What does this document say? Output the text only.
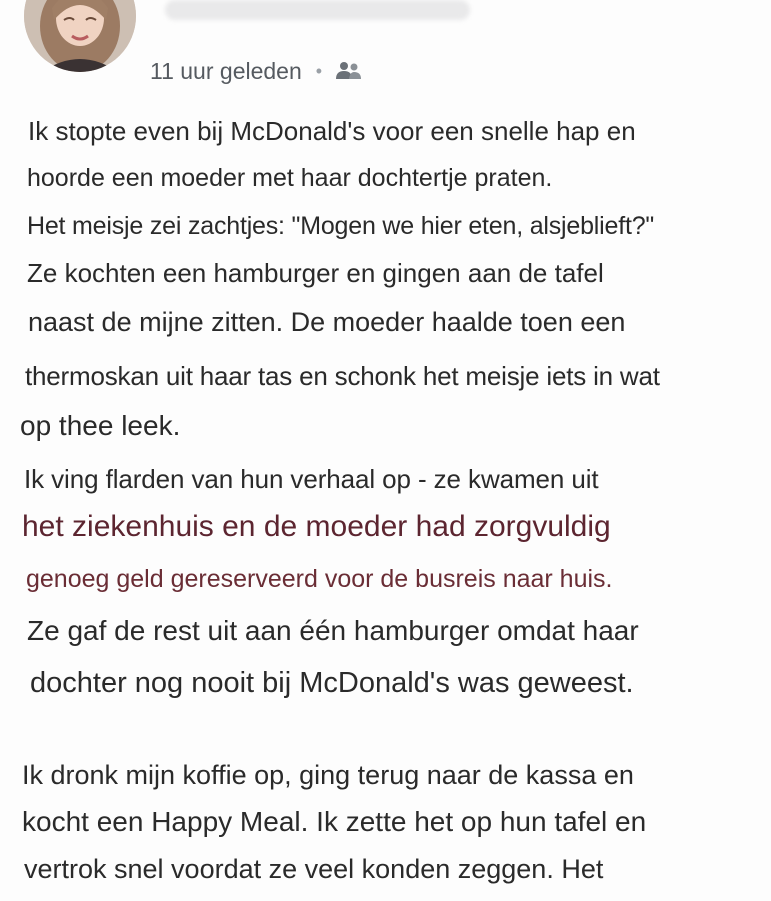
11 uur geleden •
Ik stopte even bij McDonald's voor een snelle hap en
hoorde een moeder met haar dochtertje praten.
Het meisje zei zachtjes: "Mogen we hier eten, alsjeblieft?"
Ze kochten een hamburger en gingen aan de tafel
naast de mijne zitten. De moeder haalde toen een
thermoskan uit haar tas en schonk het meisje iets in wat
op thee leek.
Ik ving flarden van hun verhaal op - ze kwamen uit
het ziekenhuis en de moeder had zorgvuldig
genoeg geld gereserveerd voor de busreis naar huis.
Ze gaf de rest uit aan één hamburger omdat haar
dochter nog nooit bij McDonald's was geweest.
Ik dronk mijn koffie op, ging terug naar de kassa en
kocht een Happy Meal. Ik zette het op hun tafel en
vertrok snel voordat ze veel konden zeggen. Het
